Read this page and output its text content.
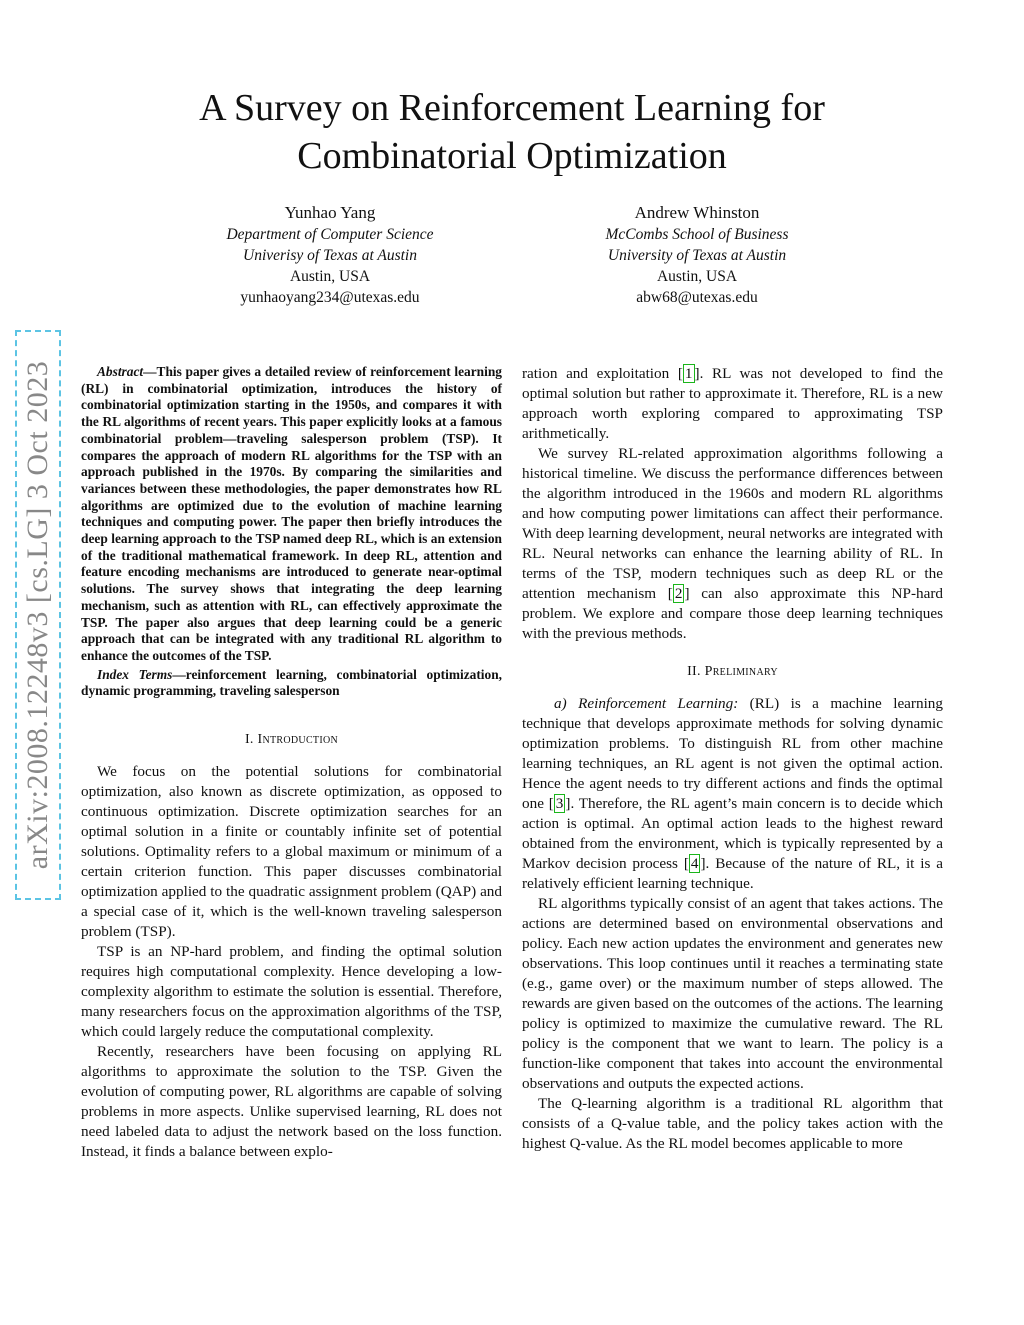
A Survey on Reinforcement Learning for
Combinatorial Optimization
Yunhao Yang
Department of Computer Science
Univerisy of Texas at Austin
Austin, USA
yunhaoyang234@utexas.edu
Andrew Whinston
McCombs School of Business
University of Texas at Austin
Austin, USA
abw68@utexas.edu
arXiv:2008.12248v3 [cs.LG] 3 Oct 2023	Abstract—This paper gives a detailed review of reinforcement learning (RL) in combinatorial optimization, introduces the history of combinatorial optimization starting in the 1950s, and compares it with the RL algorithms of recent years. This paper explicitly looks at a famous combinatorial problem—traveling salesperson problem (TSP). It compares the approach of modern RL algorithms for the TSP with an approach published in the 1970s. By comparing the similarities and variances between these methodologies, the paper demonstrates how RL algorithms are optimized due to the evolution of machine learning techniques and computing power. The paper then briefly introduces the deep learning approach to the TSP named deep RL, which is an extension of the traditional mathematical framework. In deep RL, attention and feature encoding mechanisms are introduced to generate near-optimal solutions. The survey shows that integrating the deep learning mechanism, such as attention with RL, can effectively approximate the TSP. The paper also argues that deep learning could be a generic approach that can be integrated with any traditional RL algorithm to enhance the outcomes of the TSP.

Index Terms—reinforcement learning, combinatorial optimization, dynamic programming, traveling salesperson

I. Introduction

We focus on the potential solutions for combinatorial optimization, also known as discrete optimization, as opposed to continuous optimization. Discrete optimization searches for an optimal solution in a finite or countably infinite set of potential solutions. Optimality refers to a global maximum or minimum of a certain criterion function. This paper discusses combinatorial optimization applied to the quadratic assignment problem (QAP) and a special case of it, which is the well-known traveling salesperson problem (TSP).

TSP is an NP-hard problem, and finding the optimal solution requires high computational complexity. Hence developing a low-complexity algorithm to estimate the solution is essential. Therefore, many researchers focus on the approximation algorithms of the TSP, which could largely reduce the computational complexity.

Recently, researchers have been focusing on applying RL algorithms to approximate the solution to the TSP. Given the evolution of computing power, RL algorithms are capable of solving problems in more aspects. Unlike supervised learning, RL does not need labeled data to adjust the network based on the loss function. Instead, it finds a balance between explo-

ration and exploitation [ 1 ]. RL was not developed to find the optimal solution but rather to approximate it. Therefore, RL is a new approach worth exploring compared to approximating TSP arithmetically.

We survey RL-related approximation algorithms following a historical timeline. We discuss the performance differences between the algorithm introduced in the 1960s and modern RL algorithms and how computing power limitations can affect their performance. With deep learning development, neural networks are integrated with RL. Neural networks can enhance the learning ability of RL. In terms of the TSP, modern techniques such as deep RL or the attention mechanism [ 2 ] can also approximate this NP-hard problem. We explore and compare those deep learning techniques with the previous methods.

II. Preliminary

a) Reinforcement Learning: (RL) is a machine learning technique that develops approximate methods for solving dynamic optimization problems. To distinguish RL from other machine learning techniques, an RL agent is not given the optimal action. Hence the agent needs to try different actions and finds the optimal one [ 3 ]. Therefore, the RL agent’s main concern is to decide which action is optimal. An optimal action leads to the highest reward obtained from the environment, which is typically represented by a Markov decision process [ 4 ]. Because of the nature of RL, it is a relatively efficient learning technique.

RL algorithms typically consist of an agent that takes actions. The actions are determined based on environmental observations and policy. Each new action updates the environment and generates new observations. This loop continues until it reaches a terminating state (e.g., game over) or the maximum number of steps allowed. The rewards are given based on the outcomes of the actions. The learning policy is optimized to maximize the cumulative reward. The RL policy is the component that we want to learn. The policy is a function-like component that takes into account the environmental observations and outputs the expected actions.

The Q-learning algorithm is a traditional RL algorithm that consists of a Q-value table, and the policy takes action with the highest Q-value. As the RL model becomes applicable to more
